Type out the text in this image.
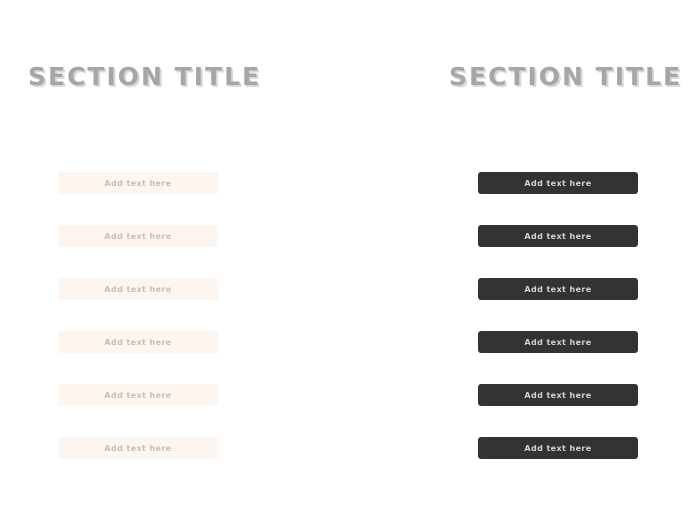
SECTION TITLE
Add text here
Add text here
Add text here
Add text here
Add text here
Add text here
SECTION TITLE
Add text here
Add text here
Add text here
Add text here
Add text here
Add text here
